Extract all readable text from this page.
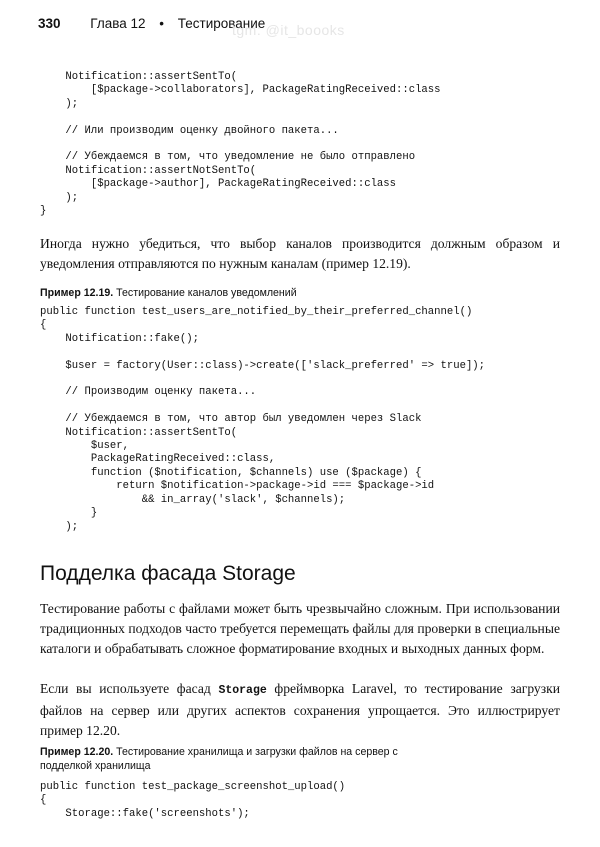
330 Глава 12 • Тестирование
tgm: @it_boooks
Notification::assertSentTo(
[$package->collaborators], PackageRatingReceived::class
);

// Или производим оценку двойного пакета...

// Убеждаемся в том, что уведомление не было отправлено
Notification::assertNotSentTo(
[$package->author], PackageRatingReceived::class
);
}

Иногда нужно убедиться, что выбор каналов производится должным образом и уведомления отправляются по нужным каналам (пример 12.19).

Пример 12.19. Тестирование каналов уведомлений
public function test_users_are_notified_by_their_preferred_channel()
{
Notification::fake();

$user = factory(User::class)->create(['slack_preferred' => true]);

// Производим оценку пакета...

// Убеждаемся в том, что автор был уведомлен через Slack
Notification::assertSentTo(
$user,
PackageRatingReceived::class,
function ($notification, $channels) use ($package) {
return $notification->package->id === $package->id
&& in_array('slack', $channels);
}
);
Подделка фасада Storage

Тестирование работы с файлами может быть чрезвычайно сложным. При использовании традиционных подходов часто требуется перемещать файлы для проверки в специальные каталоги и обрабатывать сложное форматирование входных и выходных данных форм.

Если вы используете фасад Storage фреймворка Laravel, то тестирование загрузки файлов на сервер или других аспектов сохранения упрощается. Это иллюстрирует пример 12.20.

Пример 12.20. Тестирование хранилища и загрузки файлов на сервер с подделкой хранилища
public function test_package_screenshot_upload()
{
Storage::fake('screenshots');
